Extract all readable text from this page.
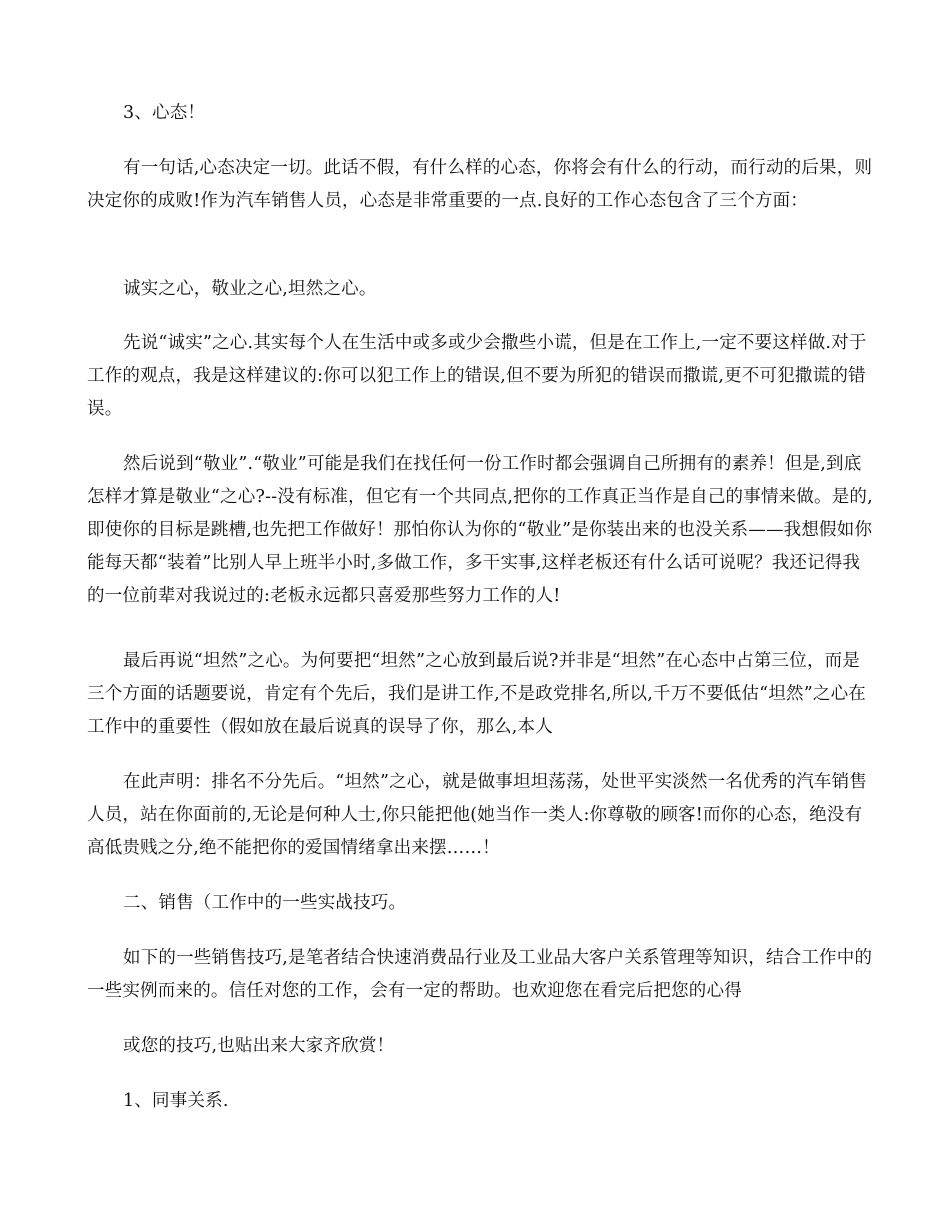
3、心态！

有一句话,心态决定一切。此话不假，有什么样的心态，你将会有什么的行动，而行动的后果，则决定你的成败!作为汽车销售人员，心态是非常重要的一点.良好的工作心态包含了三个方面：

诚实之心，敬业之心,坦然之心。

先说“诚实”之心.其实每个人在生活中或多或少会撒些小谎，但是在工作上,一定不要这样做.对于工作的观点，我是这样建议的:你可以犯工作上的错误,但不要为所犯的错误而撒谎,更不可犯撒谎的错误。

然后说到“敬业”.“敬业”可能是我们在找任何一份工作时都会强调自己所拥有的素养！但是,到底怎样才算是敬业“之心?--没有标准，但它有一个共同点,把你的工作真正当作是自己的事情来做。是的,即使你的目标是跳槽,也先把工作做好！那怕你认为你的“敬业”是你装出来的也没关系——我想假如你能每天都“装着”比别人早上班半小时,多做工作，多干实事,这样老板还有什么话可说呢？我还记得我的一位前辈对我说过的:老板永远都只喜爱那些努力工作的人!

最后再说“坦然”之心。为何要把“坦然”之心放到最后说?并非是“坦然”在心态中占第三位，而是三个方面的话题要说，肯定有个先后，我们是讲工作,不是政党排名,所以,千万不要低估“坦然”之心在工作中的重要性（假如放在最后说真的误导了你，那么,本人

在此声明：排名不分先后。“坦然”之心，就是做事坦坦荡荡，处世平实淡然一名优秀的汽车销售人员，站在你面前的,无论是何种人士,你只能把他(她当作一类人:你尊敬的顾客!而你的心态，绝没有高低贵贱之分,绝不能把你的爱国情绪拿出来摆……！

二、销售（工作中的一些实战技巧。

如下的一些销售技巧,是笔者结合快速消费品行业及工业品大客户关系管理等知识，结合工作中的一些实例而来的。信任对您的工作，会有一定的帮助。也欢迎您在看完后把您的心得

或您的技巧,也贴出来大家齐欣赏！

1、同事关系.
